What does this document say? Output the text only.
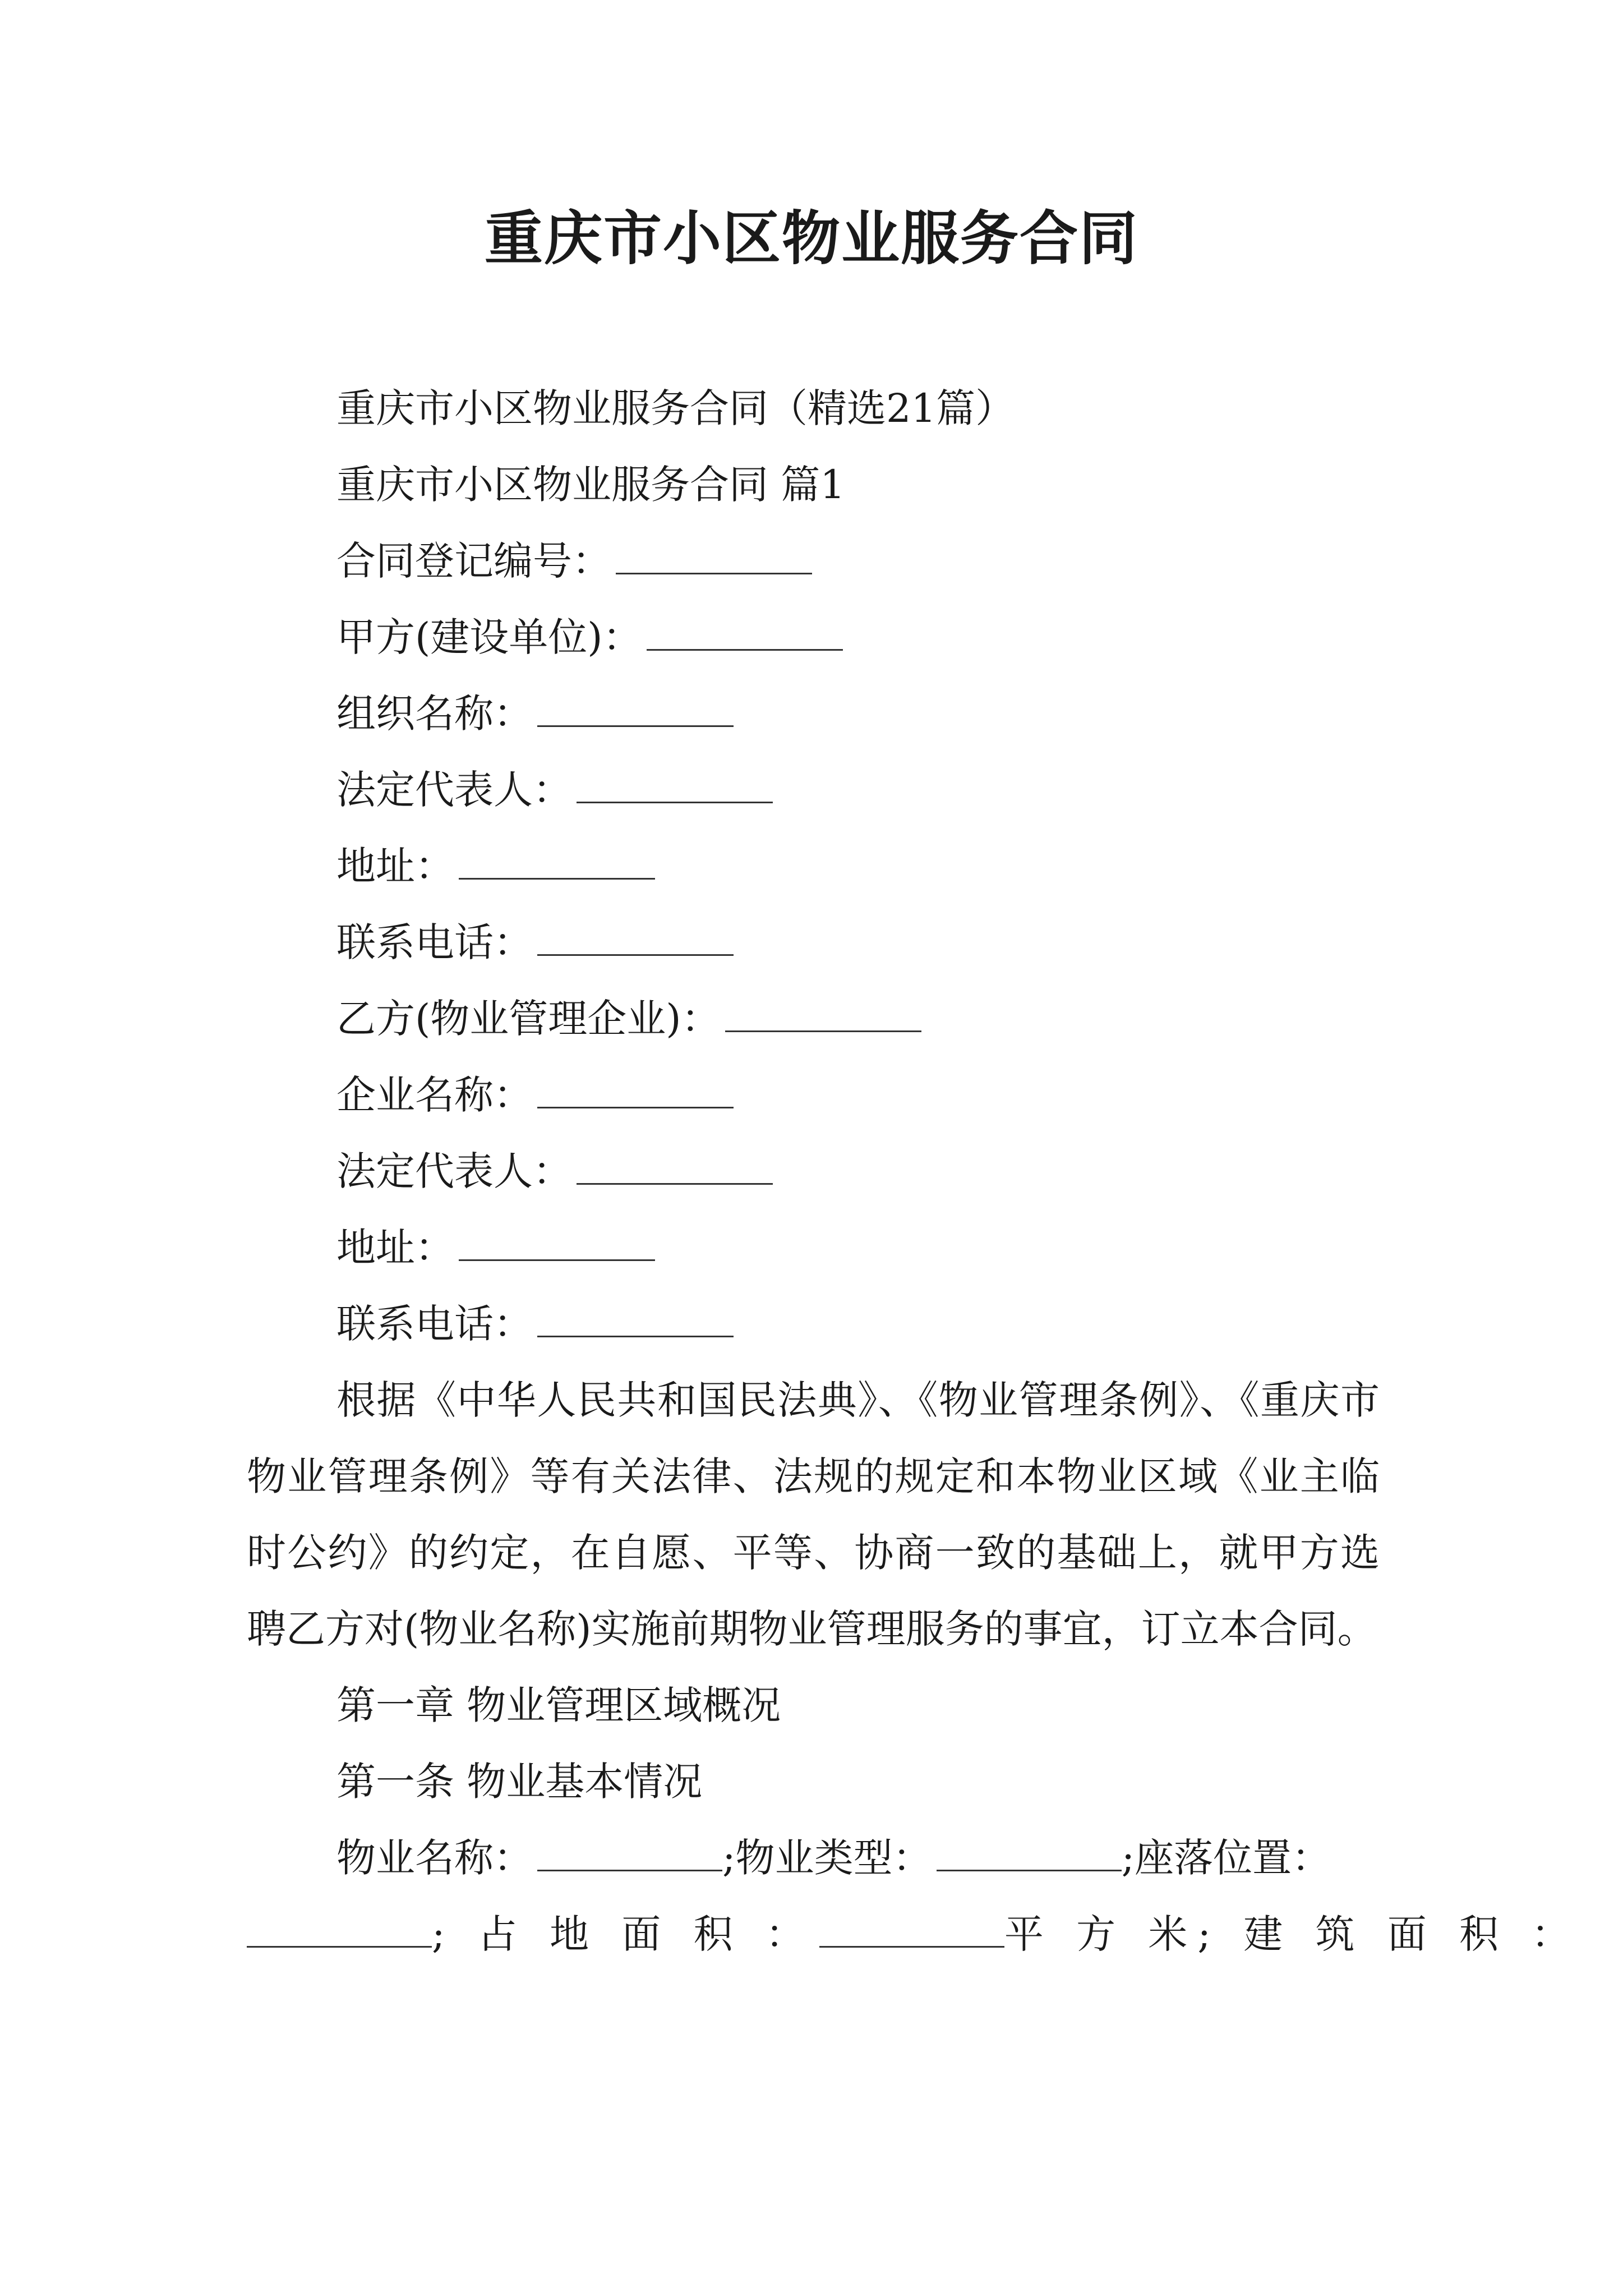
重庆市小区物业服务合同
重庆市小区物业服务合同（精选21篇）
重庆市小区物业服务合同 篇1
合同登记编号：
甲方(建设单位)：
组织名称：
法定代表人：
地址：
联系电话：
乙方(物业管理企业)：
企业名称：
法定代表人：
地址：
联系电话：

根据《中华人民共和国民法典》、《物业管理条例》、《重庆市物业管理条例》等有关法律、法规的规定和本物业区域《业主临时公约》的约定，在自愿、平等、协商一致的基础上，就甲方选聘乙方对(物业名称)实施前期物业管理服务的事宜，订立本合同。

第一章 物业管理区域概况
第一条 物业基本情况
物业名称：	;物业类型：	;座落位置：
; 占 地 面 积 ：	平 方 米; 建 筑 面 积 ：
